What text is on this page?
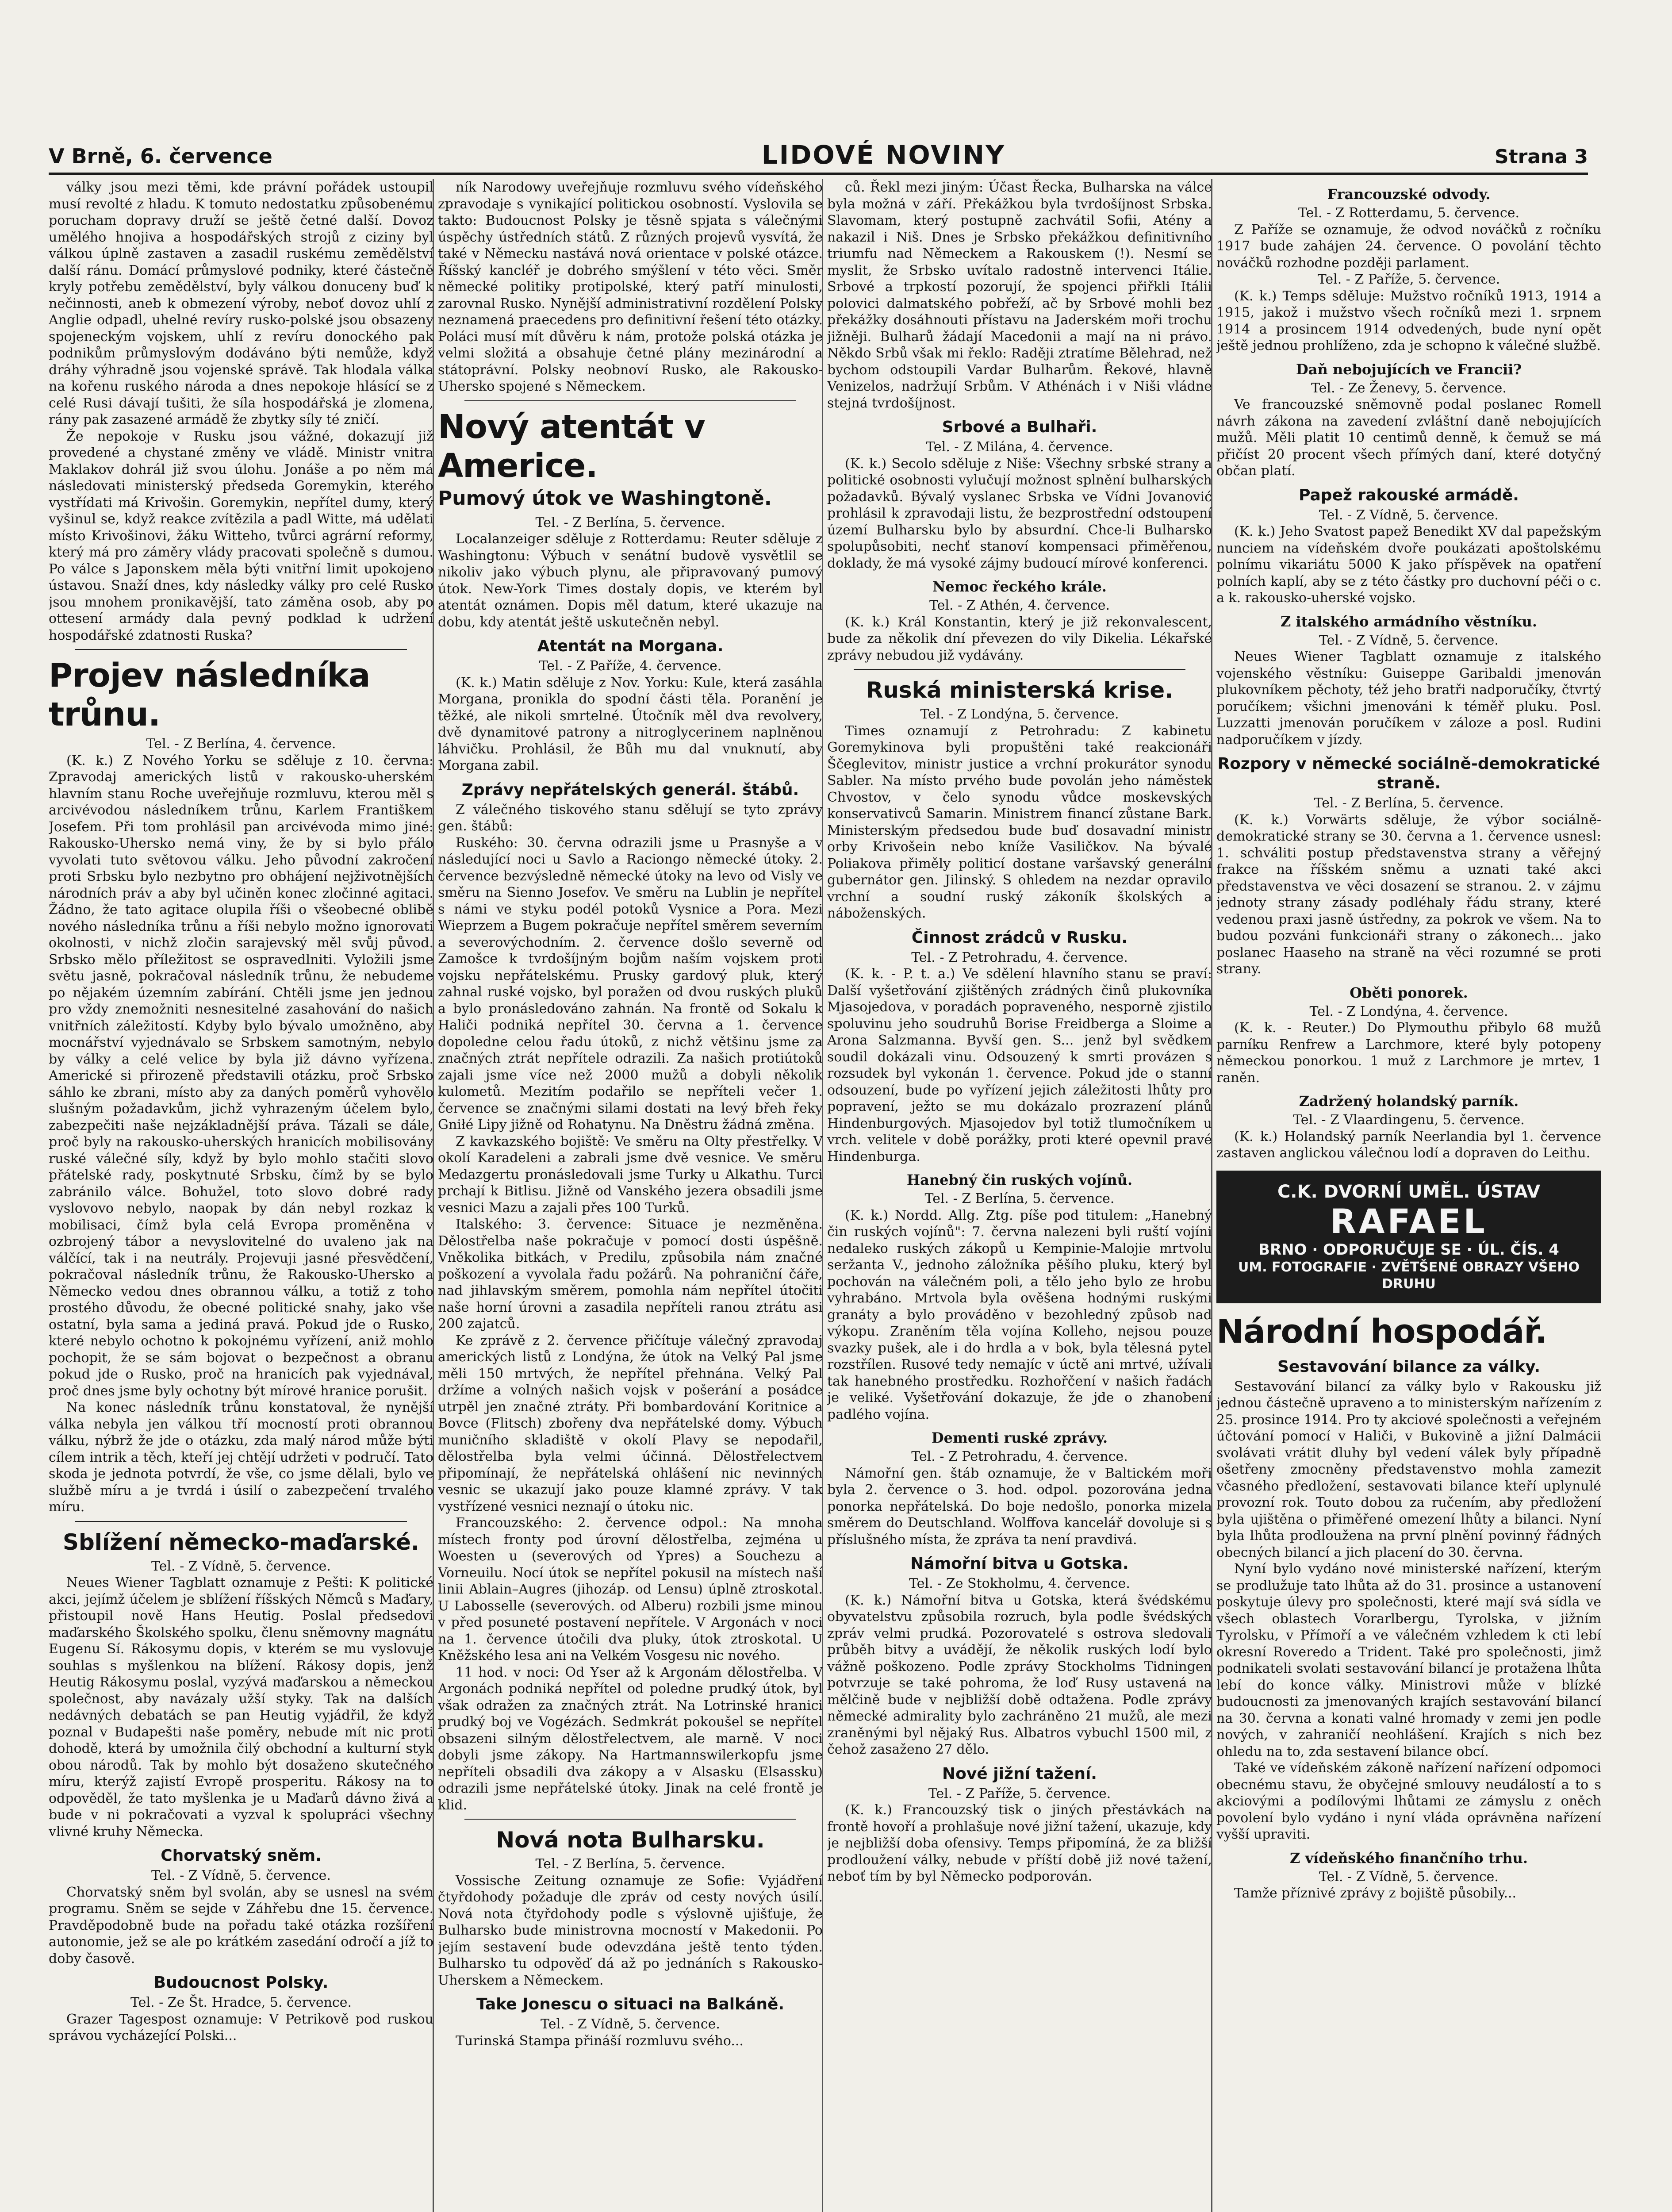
V Brně, 6. července	LIDOVÉ NOVINY	Strana 3

války jsou mezi těmi, kde právní pořádek ustoupil musí revolté z hladu. K tomuto nedostatku způsobenému porucham dopravy druží se ještě četné další. Dovoz umělého hnojiva a hospodářských strojů z ciziny byl válkou úplně zastaven a zasadil ruskému zemědělství další ránu. Domácí průmyslové podniky, které částečně kryly potřebu zemědělství, byly válkou donuceny buď k nečinnosti, aneb k obmezení výroby, neboť dovoz uhlí z Anglie odpadl, uhelné revíry rusko-polské jsou obsazeny spojeneckým vojskem, uhlí z revíru donockého pak podnikům průmyslovým dodáváno býti nemůže, když dráhy výhradně jsou vojenské správě. Tak hlodala válka na kořenu ruského národa a dnes nepokoje hlásící se z celé Rusi dávají tušiti, že síla hospodářská je zlomena, rány pak zasazené armádě že zbytky síly té zničí.

Že nepokoje v Rusku jsou vážné, dokazují již provedené a chystané změny ve vládě. Ministr vnitra Maklakov dohrál již svou úlohu. Jonáše a po něm má následovati ministerský předseda Goremykin, kterého vystřídati má Krivošin. Goremykin, nepřítel dumy, který vyšinul se, když reakce zvítězila a padl Witte, má udělati místo Krivošinovi, žáku Witteho, tvůrci agrární reformy, který má pro záměry vlády pracovati společně s dumou. Po válce s Japonskem měla býti vnitřní limit upokojeno ústavou. Snaží dnes, kdy následky války pro celé Rusko jsou mnohem pronikavější, tato záměna osob, aby po ottesení armády dala pevný podklad k udržení hospodářské zdatnosti Ruska?

Projev následníka trůnu.

Tel. - Z Berlína, 4. července.

(K. k.) Z Nového Yorku se sděluje z 10. června: Zpravodaj amerických listů v rakousko-uherském hlavním stanu Roche uveřejňuje rozmluvu, kterou měl s arcivévodou následníkem trůnu, Karlem Františkem Josefem. Při tom prohlásil pan arcivévoda mimo jiné: Rakousko-Uhersko nemá viny, že by si bylo přálo vyvolati tuto světovou válku. Jeho původní zakročení proti Srbsku bylo nezbytno pro obhájení nejživotnějších národních práv a aby byl učiněn konec zločinné agitaci. Žádno, že tato agitace olupila říši o všeobecné oblibě nového následníka trůnu a říši nebylo možno ignorovati okolnosti, v nichž zločin sarajevský měl svůj původ. Srbsko mělo příležitost se ospravedlniti. Vyložili jsme světu jasně, pokračoval následník trůnu, že nebudeme po nějakém územním zabírání. Chtěli jsme jen jednou pro vždy znemožniti nesnesitelné zasahování do našich vnitřních záležitostí. Kdyby bylo bývalo umožněno, aby mocnářství vyjednávalo se Srbskem samotným, nebylo by války a celé velice by byla již dávno vyřízena. Americké si přirozeně představili otázku, proč Srbsko sáhlo ke zbrani, místo aby za daných poměrů vyhovělo slušným požadavkům, jichž vyhrazeným účelem bylo, zabezpečiti naše nejzákladnější práva. Tázali se dále, proč byly na rakousko-uherských hranicích mobilisovány ruské válečné síly, když by bylo mohlo stačiti slovo přátelské rady, poskytnuté Srbsku, čímž by se bylo zabránilo válce. Bohužel, toto slovo dobré rady vyslovovo nebylo, naopak by dán nebyl rozkaz k mobilisaci, čímž byla celá Evropa proměněna v ozbrojený tábor a nevyslovitelné do uvaleno jak na válčící, tak i na neutrály. Projevuji jasné přesvědčení, pokračoval následník trůnu, že Rakousko-Uhersko a Německo vedou dnes obrannou válku, a totiž z toho prostého důvodu, že obecné politické snahy, jako vše ostatní, byla sama a jediná pravá. Pokud jde o Rusko, které nebylo ochotno k pokojnému vyřízení, aniž mohlo pochopit, že se sám bojovat o bezpečnost a obranu pokud jde o Rusko, proč na hranicích pak vyjednával, proč dnes jsme byly ochotny být mírové hranice porušit.

Na konec následník trůnu konstatoval, že nynější válka nebyla jen válkou tří mocností proti obrannou válku, nýbrž že jde o otázku, zda malý národ může býti cílem intrik a těch, kteří jej chtějí udržeti v područí. Tato skoda je jednota potvrdí, že vše, co jsme dělali, bylo ve službě míru a je tvrdá i úsilí o zabezpečení trvalého míru.

Sblížení německo-maďarské.

Tel. - Z Vídně, 5. července.

Neues Wiener Tagblatt oznamuje z Pešti: K politické akci, jejímž účelem je sblížení říšských Němců s Maďary, přistoupil nově Hans Heutig. Poslal předsedovi maďarského Školského spolku, členu sněmovny magnátu Eugenu Sí. Rákosymu dopis, v kterém se mu vyslovuje souhlas s myšlenkou na blížení. Rákosy dopis, jenž Heutig Rákosymu poslal, vyzývá maďarskou a německou společnost, aby navázaly užší styky. Tak na dalších nedávných debatách se pan Heutig vyjádřil, že když poznal v Budapešti naše poměry, nebude mít nic proti dohodě, která by umožnila čilý obchodní a kulturní styk obou národů. Tak by mohlo být dosaženo skutečného míru, kterýž zajistí Evropě prosperitu. Rákosy na to odpověděl, že tato myšlenka je u Maďarů dávno živá a bude v ni pokračovati a vyzval k spolupráci všechny vlivné kruhy Německa.

Chorvatský sněm.

Tel. - Z Vídně, 5. července.

Chorvatský sněm byl svolán, aby se usnesl na svém programu. Sněm se sejde v Záhřebu dne 15. července. Pravděpodobně bude na pořadu také otázka rozšíření autonomie, jež se ale po krátkém zasedání odročí a jíž to doby časově.

Budoucnost Polsky.

Tel. - Ze Št. Hradce, 5. července.

Grazer Tagespost oznamuje: V Petrikově pod ruskou správou vycházející Polski...

ník Narodowy uveřejňuje rozmluvu svého vídeňského zpravodaje s vynikající politickou osobností. Vyslovila se takto: Budoucnost Polsky je těsně spjata s válečnými úspěchy ústředních států. Z různých projevů vysvítá, že také v Německu nastává nová orientace v polské otázce. Říšský kancléř je dobrého smýšlení v této věci. Směr německé politiky protipolské, který patří minulosti, zarovnal Rusko. Nynější administrativní rozdělení Polsky neznamená praecedens pro definitivní řešení této otázky. Poláci musí mít důvěru k nám, protože polská otázka je velmi složitá a obsahuje četné plány mezinárodní a státoprávní. Polsky neobnoví Rusko, ale Rakousko-Uhersko spojené s Německem.

Nový atentát v Americe.
Pumový útok ve Washingtoně.

Tel. - Z Berlína, 5. července.

Localanzeiger sděluje z Rotterdamu: Reuter sděluje z Washingtonu: Výbuch v senátní budově vysvětlil se nikoliv jako výbuch plynu, ale připravovaný pumový útok. New-York Times dostaly dopis, ve kterém byl atentát oznámen. Dopis měl datum, které ukazuje na dobu, kdy atentát ještě uskutečněn nebyl.

Atentát na Morgana.

Tel. - Z Paříže, 4. července.

(K. k.) Matin sděluje z Nov. Yorku: Kule, která zasáhla Morgana, pronikla do spodní části těla. Poranění je těžké, ale nikoli smrtelné. Útočník měl dva revolvery, dvě dynamitové patrony a nitroglycerinem naplněnou láhvičku. Prohlásil, že Bůh mu dal vnuknutí, aby Morgana zabil.

Zprávy nepřátelských generál. štábů.

Z válečného tiskového stanu sdělují se tyto zprávy gen. štábů:

Ruského: 30. června odrazili jsme u Prasnyše a v následující noci u Savlo a Raciongo německé útoky. 2. července bezvýsledně německé útoky na levo od Visly ve směru na Sienno Josefov. Ve směru na Lublin je nepřítel s námi ve styku podél potoků Vysnice a Pora. Mezi Wieprzem a Bugem pokračuje nepřítel směrem severním a severovýchodním. 2. července došlo severně od Zamošce k tvrdošíjným bojům naším vojskem proti vojsku nepřátelskému. Prusky gardový pluk, který zahnal ruské vojsko, byl poražen od dvou ruských pluků a bylo pronásledováno zahnán. Na frontě od Sokalu k Haliči podniká nepřítel 30. června a 1. července dopoledne celou řadu útoků, z nichž většinu jsme za značných ztrát nepřítele odrazili. Za našich protiútoků zajali jsme více než 2000 mužů a dobyli několik kulometů. Mezitím podařilo se nepříteli večer 1. července se značnými silami dostati na levý břeh řeky Gniłé Lipy jižně od Rohatynu. Na Dněstru žádná změna.

Z kavkazského bojiště: Ve směru na Olty přestřelky. V okolí Karadeleni a zabrali jsme dvě vesnice. Ve směru Medazgertu pronásledovali jsme Turky u Alkathu. Turci prchají k Bitlisu. Jižně od Vanského jezera obsadili jsme vesnici Mazu a zajali přes 100 Turků.

Italského: 3. července: Situace je nezměněna. Dělostřelba naše pokračuje v pomocí dosti úspěšně. Vněkolika bitkách, v Predilu, způsobila nám značné poškození a vyvolala řadu požárů. Na pohraniční čáře, nad jihlavským směrem, pomohla nám nepřítel útočiti naše horní úrovni a zasadila nepříteli ranou ztrátu asi 200 zajatců.

Ke zprávě z 2. července přičítuje válečný zpravodaj amerických listů z Londýna, že útok na Velký Pal jsme měli 150 mrtvých, že nepřítel přehnána. Velký Pal držíme a volných našich vojsk v pošerání a posádce utrpěl jen značné ztráty. Při bombardování Koritnice a Bovce (Flitsch) zbořeny dva nepřátelské domy. Výbuch muničního skladiště v okolí Plavy se nepodařil, dělostřelba byla velmi účinná. Dělostřelectvem připomínají, že nepřátelská ohlášení nic nevinných vesnic se ukazují jako pouze klamné zprávy. V tak vystřízené vesnici neznají o útoku nic.

Francouzského: 2. července odpol.: Na mnoha místech fronty pod úrovní dělostřelba, zejména u Woesten u (severových od Ypres) a Souchezu a Vorneuilu. Nocí útok se nepřítel pokusil na místech naší linii Ablain–Augres (jihozáp. od Lensu) úplně ztroskotal. U Labosselle (severových. od Alberu) rozbili jsme minou v před posuneté postavení nepřítele. V Argonách v noci na 1. července útočili dva pluky, útok ztroskotal. U Kněžského lesa ani na Velkém Vosgesu nic nového.

11 hod. v noci: Od Yser až k Argonám dělostřelba. V Argonách podniká nepřítel od poledne prudký útok, byl však odražen za značných ztrát. Na Lotrinské hranici prudký boj ve Vogézách. Sedmkrát pokoušel se nepřítel obsazeni silným dělostřelectvem, ale marně. V noci dobyli jsme zákopy. Na Hartmannswilerkopfu jsme nepříteli obsadili dva zákopy a v Alsasku (Elsassku) odrazili jsme nepřátelské útoky. Jinak na celé frontě je klid.

Nová nota Bulharsku.

Tel. - Z Berlína, 5. července.

Vossische Zeitung oznamuje ze Sofie: Vyjádření čtyřdohody požaduje dle zpráv od cesty nových úsilí. Nová nota čtyřdohody podle s výslovně ujišťuje, že Bulharsko bude ministrovna mocností v Makedonii. Po jejím sestavení bude odevzdána ještě tento týden. Bulharsko tu odpověď dá až po jednáních s Rakousko-Uherskem a Německem.

Take Jonescu o situaci na Balkáně.

Tel. - Z Vídně, 5. července.

Turinská Stampa přináší rozmluvu svého...

ců. Řekl mezi jiným: Účast Řecka, Bulharska na válce byla možná v září. Překážkou byla tvrdošíjnost Srbska. Slavomam, který postupně zachvátil Sofii, Atény a nakazil i Niš. Dnes je Srbsko překážkou definitivního triumfu nad Německem a Rakouskem (!). Nesmí se myslit, že Srbsko uvítalo radostně intervenci Itálie. Srbové a trpkostí pozorují, že spojenci přiřkli Itálii polovici dalmatského pobřeží, ač by Srbové mohli bez překážky dosáhnouti přístavu na Jaderském moři trochu jižněji. Bulharů žádají Macedonii a mají na ni právo. Někdo Srbů však mi řeklo: Raději ztratíme Bělehrad, než bychom odstoupili Vardar Bulharům. Řekové, hlavně Venizelos, nadržují Srbům. V Athénách i v Niši vládne stejná tvrdošíjnost.

Srbové a Bulhaři.

Tel. - Z Milána, 4. července.

(K. k.) Secolo sděluje z Niše: Všechny srbské strany a politické osobnosti vylučují možnost splnění bulharských požadavků. Bývalý vyslanec Srbska ve Vídni Jovanović prohlásil k zpravodaji listu, že bezprostřední odstoupení území Bulharsku bylo by absurdní. Chce-li Bulharsko spolupůsobiti, nechť stanoví kompensaci přiměřenou, doklady, že má vysoké zájmy budoucí mírové konferenci.

Nemoc řeckého krále.

Tel. - Z Athén, 4. července.

(K. k.) Král Konstantin, který je již rekonvalescent, bude za několik dní převezen do vily Dikelia. Lékařské zprávy nebudou již vydávány.

Ruská ministerská krise.

Tel. - Z Londýna, 5. července.

Times oznamují z Petrohradu: Z kabinetu Goremykinova byli propuštěni také reakcionáři Ščeglevitov, ministr justice a vrchní prokurátor synodu Sabler. Na místo prvého bude povolán jeho náměstek Chvostov, v čelo synodu vůdce moskevských konservativců Samarin. Ministrem financí zůstane Bark. Ministerským předsedou bude buď dosavadní ministr orby Krivošein nebo kníže Vasiličkov. Na bývalé Poliakova přiměly politicí dostane varšavský generální gubernátor gen. Jilinský. S ohledem na nezdar opravilo vrchní a soudní ruský zákoník školských a náboženských.

Činnost zrádců v Rusku.

Tel. - Z Petrohradu, 4. července.

(K. k. - P. t. a.) Ve sdělení hlavního stanu se praví: Další vyšetřování zjištěných zrádných činů plukovníka Mjasojedova, v poradách popraveného, nesporně zjistilo spoluvinu jeho soudruhů Borise Freidberga a Sloime a Arona Salzmanna. Byvší gen. S... jenž byl svědkem soudil dokázali vinu. Odsouzený k smrti provázen s rozsudek byl vykonán 1. července. Pokud jde o stanní odsouzení, bude po vyřízení jejich záležitosti lhůty pro popravení, ježto se mu dokázalo prozrazení plánů Hindenburgových. Mjasojedov byl totiž tlumočníkem u vrch. velitele v době porážky, proti které opevnil pravé Hindenburga.

Hanebný čin ruských vojínů.

Tel. - Z Berlína, 5. července.

(K. k.) Nordd. Allg. Ztg. píše pod titulem: „Hanebný čin ruských vojínů": 7. června nalezeni byli ruští vojíni nedaleko ruských zákopů u Kempinie-Malojie mrtvolu seržanta V., jednoho záložníka pěšího pluku, který byl pochován na válečném poli, a tělo jeho bylo ze hrobu vyhrabáno. Mrtvola byla ověšena hodnými ruskými granáty a bylo prováděno v bezohledný způsob nad výkopu. Zraněním těla vojína Kolleho, nejsou pouze svazky pušek, ale i do hrdla a v bok, byla tělesná pytel rozstřílen. Rusové tedy nemajíc v úctě ani mrtvé, užívali tak hanebného prostředku. Rozhořčení v našich řadách je veliké. Vyšetřování dokazuje, že jde o zhanobení padlého vojína.

Dementi ruské zprávy.

Tel. - Z Petrohradu, 4. července.

Námořní gen. štáb oznamuje, že v Baltickém moři byla 2. července o 3. hod. odpol. pozorována jedna ponorka nepřátelská. Do boje nedošlo, ponorka mizela směrem do Deutschland. Wolffova kancelář dovoluje si s příslušného místa, že zpráva ta není pravdivá.

Námořní bitva u Gotska.

Tel. - Ze Stokholmu, 4. července.

(K. k.) Námořní bitva u Gotska, která švédskému obyvatelstvu způsobila rozruch, byla podle švédských zpráv velmi prudká. Pozorovatelé s ostrova sledovali průběh bitvy a uvádějí, že několik ruských lodí bylo vážně poškozeno. Podle zprávy Stockholms Tidningen potvrzuje se také pohroma, že loď Rusy ustavená na mělčině bude v nejbližší době odtažena. Podle zprávy německé admirality bylo zachráněno 21 mužů, ale mezi zraněnými byl nějaký Rus. Albatros vybuchl 1500 mil, z čehož zasaženo 27 dělo.

Nové jižní tažení.

Tel. - Z Paříže, 5. července.

(K. k.) Francouzský tisk o jiných přestávkách na frontě hovoří a prohlašuje nové jižní tažení, ukazuje, kdy je nejbližší doba ofensivy. Temps připomíná, že za bližší prodloužení války, nebude v příští době již nové tažení, neboť tím by byl Německo podporován.

Francouzské odvody.

Tel. - Z Rotterdamu, 5. července.

Z Paříže se oznamuje, že odvod nováčků z ročníku 1917 bude zahájen 24. července. O povolání těchto nováčků rozhodne později parlament.

Tel. - Z Paříže, 5. července.

(K. k.) Temps sděluje: Mužstvo ročníků 1913, 1914 a 1915, jakož i mužstvo všech ročníků mezi 1. srpnem 1914 a prosincem 1914 odvedených, bude nyní opět ještě jednou prohlíženo, zda je schopno k válečné službě.

Daň nebojujících ve Francii?

Tel. - Ze Ženevy, 5. července.

Ve francouzské sněmovně podal poslanec Romell návrh zákona na zavedení zvláštní daně nebojujících mužů. Měli platit 10 centimů denně, k čemuž se má přičíst 20 procent všech přímých daní, které dotyčný občan platí.

Papež rakouské armádě.

Tel. - Z Vídně, 5. července.

(K. k.) Jeho Svatost papež Benedikt XV dal papežským nunciem na vídeňském dvoře poukázati apoštolskému polnímu vikariátu 5000 K jako příspěvek na opatření polních kaplí, aby se z této částky pro duchovní péči o c. a k. rakousko-uherské vojsko.

Z italského armádního věstníku.

Tel. - Z Vídně, 5. července.

Neues Wiener Tagblatt oznamuje z italského vojenského věstníku: Guiseppe Garibaldi jmenován plukovníkem pěchoty, též jeho bratři nadporučíky, čtvrtý poručíkem; všichni jmenováni k téměř pluku. Posl. Luzzatti jmenován poručíkem v záloze a posl. Rudini nadporučíkem v jízdy.

Rozpory v německé sociálně-demokratické straně.

Tel. - Z Berlína, 5. července.

(K. k.) Vorwärts sděluje, že výbor sociálně-demokratické strany se 30. června a 1. července usnesl: 1. schváliti postup představenstva strany a věřejný frakce na říšském sněmu a uznati také akci představenstva ve věci dosazení se stranou. 2. v zájmu jednoty strany zásady podléhaly řádu strany, které vedenou praxi jasně ústředny, za pokrok ve všem. Na to budou pozváni funkcionáři strany o zákonech... jako poslanec Haaseho na straně na věci rozumné se proti strany.

Oběti ponorek.

Tel. - Z Londýna, 4. července.

(K. k. - Reuter.) Do Plymouthu přibylo 68 mužů parníku Renfrew a Larchmore, které byly potopeny německou ponorkou. 1 muž z Larchmore je mrtev, 1 raněn.

Zadržený holandský parník.

Tel. - Z Vlaardingenu, 5. července.

(K. k.) Holandský parník Neerlandia byl 1. července zastaven anglickou válečnou lodí a dopraven do Leithu.

C.K. DVORNÍ UMĚL. ÚSTAV
RAFAEL
BRNO · ODPORUČUJE SE · ÚL. ČÍS. 4
UM. FOTOGRAFIE · ZVĚTŠENÉ OBRAZY VŠEHO DRUHU
Národní hospodář.
Sestavování bilance za války.

Sestavování bilancí za války bylo v Rakousku již jednou částečně upraveno a to ministerským nařízením z 25. prosince 1914. Pro ty akciové společnosti a veřejném účtování pomocí v Haliči, v Bukovině a jižní Dalmácii svolávati vrátit dluhy byl vedení válek byly případně ošetřeny zmocněny představenstvo mohla zamezit včasného předložení, sestavovati bilance kteří uplynulé provozní rok. Touto dobou za ručením, aby předložení byla ujištěna o přiměřené omezení lhůty a bilanci. Nyní byla lhůta prodloužena na první plnění povinný řádných obecných bilancí a jich placení do 30. června.

Nyní bylo vydáno nové ministerské nařízení, kterým se prodlužuje tato lhůta až do 31. prosince a ustanovení poskytuje úlevy pro společnosti, které mají svá sídla ve všech oblastech Vorarlbergu, Tyrolska, v jižním Tyrolsku, v Přímoří a ve válečném vzhledem k cti lebí okresní Roveredo a Trident. Také pro společnosti, jimž podnikateli svolati sestavování bilancí je protažena lhůta lebí do konce války. Ministrovi může v blízké budoucnosti za jmenovaných krajích sestavování bilancí na 30. června a konati valné hromady v zemi jen podle nových, v zahraničí neohlášení. Krajích s nich bez ohledu na to, zda sestavení bilance obcí.

Také ve vídeňském zákoně nařízení nařízení odpomoci obecnému stavu, že obyčejné smlouvy neudálostí a to s akciovými a podílovými lhůtami ze zámyslu z oněch povolení bylo vydáno i nyní vláda oprávněna nařízení vyšší upraviti.

Z vídeňského finančního trhu.

Tel. - Z Vídně, 5. července.

Tamže příznivé zprávy z bojiště působily...
